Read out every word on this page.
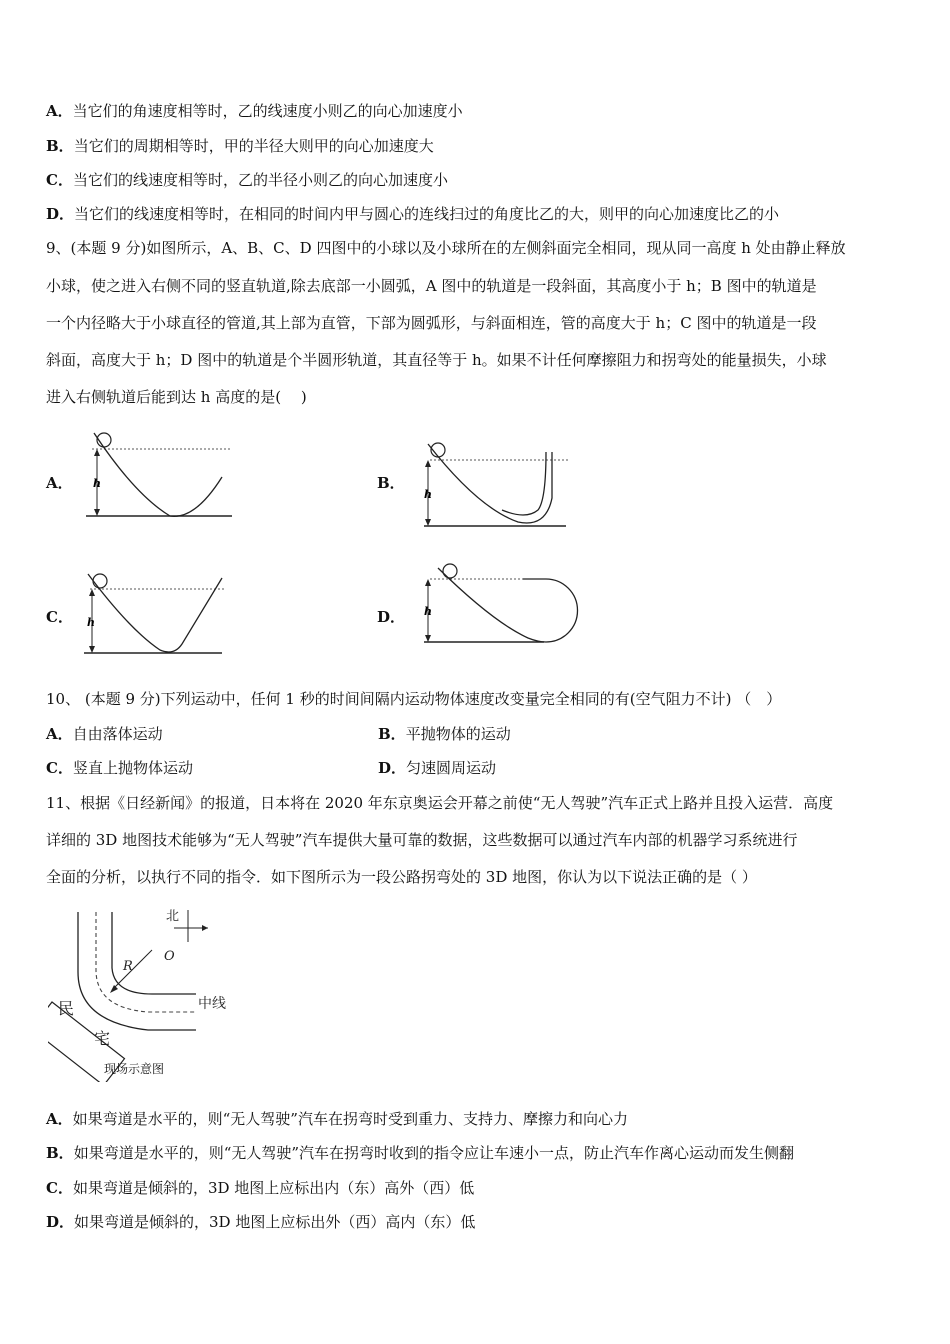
A．当它们的角速度相等时，乙的线速度小则乙的向心加速度小
B．当它们的周期相等时，甲的半径大则甲的向心加速度大
C．当它们的线速度相等时，乙的半径小则乙的向心加速度小
D．当它们的线速度相等时，在相同的时间内甲与圆心的连线扫过的角度比乙的大，则甲的向心加速度比乙的小
9、(本题 9 分)如图所示，A、B、C、D 四图中的小球以及小球所在的左侧斜面完全相同，现从同一高度 h 处由静止释放
小球，使之进入右侧不同的竖直轨道,除去底部一小圆弧，A 图中的轨道是一段斜面，其高度小于 h；B 图中的轨道是
一个内径略大于小球直径的管道,其上部为直管，下部为圆弧形，与斜面相连，管的高度大于 h；C 图中的轨道是一段
斜面，高度大于 h；D 图中的轨道是个半圆形轨道，其直径等于 h。如果不计任何摩擦阻力和拐弯处的能量损失，小球
进入右侧轨道后能到达 h 高度的是(　 )
A． h	B．
h
C． h	D． h
10、 (本题 9 分)下列运动中，任何 1 秒的时间间隔内运动物体速度改变量完全相同的有(空气阻力不计) （　）
A．自由落体运动	B．平抛物体的运动
C．竖直上抛物体运动	D．匀速圆周运动
11、根据《日经新闻》的报道，日本将在 2020 年东京奥运会开幕之前使“无人驾驶”汽车正式上路并且投入运营．高度
详细的 3D 地图技术能够为“无人驾驶”汽车提供大量可靠的数据，这些数据可以通过汽车内部的机器学习系统进行
全面的分析，以执行不同的指令．如下图所示为一段公路拐弯处的 3D 地图，你认为以下说法正确的是（ ）
R
O
北
中线
民
宅
现场示意图
A．如果弯道是水平的，则“无人驾驶”汽车在拐弯时受到重力、支持力、摩擦力和向心力
B．如果弯道是水平的，则“无人驾驶”汽车在拐弯时收到的指令应让车速小一点，防止汽车作离心运动而发生侧翻
C．如果弯道是倾斜的，3D 地图上应标出内（东）高外（西）低
D．如果弯道是倾斜的，3D 地图上应标出外（西）高内（东）低
